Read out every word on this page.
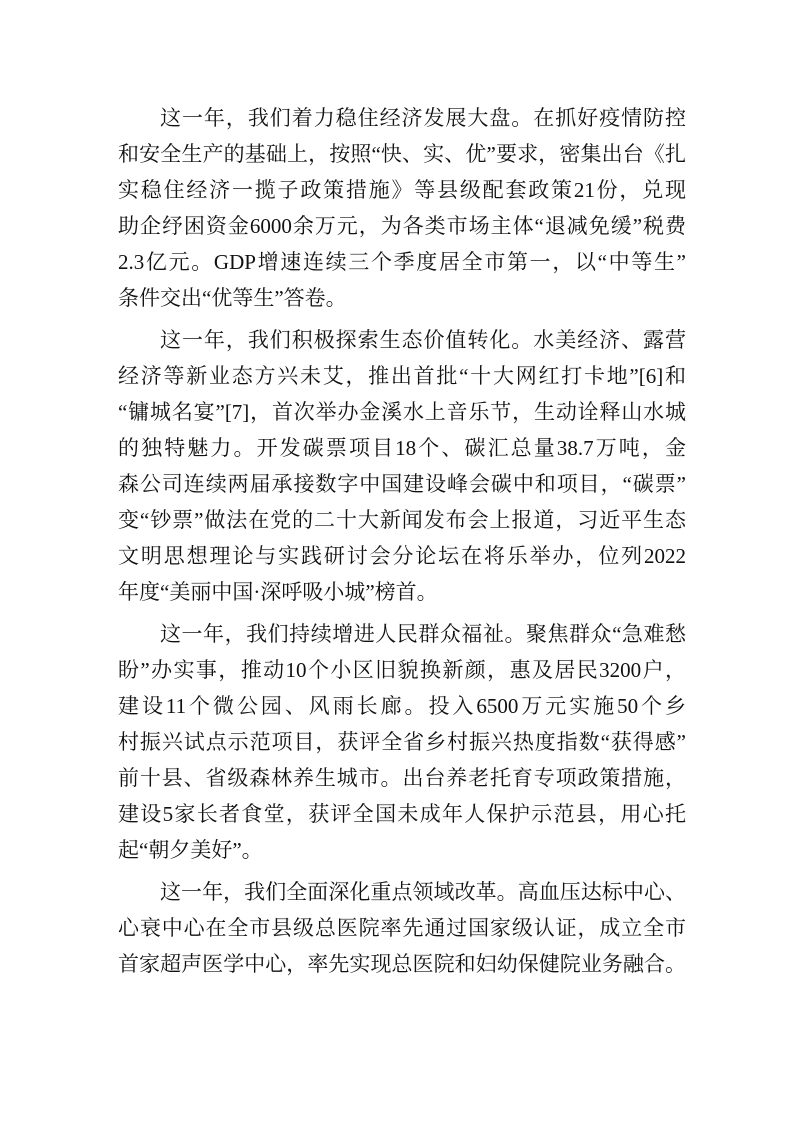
这一年，我们着力稳住经济发展大盘。在抓好疫情防控
和安全生产的基础上，按照“快、实、优”要求，密集出台《扎
实稳住经济一揽子政策措施》等县级配套政策21份，兑现
助企纾困资金6000余万元，为各类市场主体“退减免缓”税费
2.3亿元。GDP增速连续三个季度居全市第一，以“中等生”
条件交出“优等生”答卷。
这一年，我们积极探索生态价值转化。水美经济、露营
经济等新业态方兴未艾，推出首批“十大网红打卡地”[6]和
“镛城名宴”[7]，首次举办金溪水上音乐节，生动诠释山水城
的独特魅力。开发碳票项目18个、碳汇总量38.7万吨，金
森公司连续两届承接数字中国建设峰会碳中和项目，“碳票”
变“钞票”做法在党的二十大新闻发布会上报道，习近平生态
文明思想理论与实践研讨会分论坛在将乐举办，位列2022
年度“美丽中国·深呼吸小城”榜首。
这一年，我们持续增进人民群众福祉。聚焦群众“急难愁
盼”办实事，推动10个小区旧貌换新颜，惠及居民3200户，
建设11个微公园、风雨长廊。投入6500万元实施50个乡
村振兴试点示范项目，获评全省乡村振兴热度指数“获得感”
前十县、省级森林养生城市。出台养老托育专项政策措施，
建设5家长者食堂，获评全国未成年人保护示范县，用心托
起“朝夕美好”。
这一年，我们全面深化重点领域改革。高血压达标中心、
心衰中心在全市县级总医院率先通过国家级认证，成立全市
首家超声医学中心，率先实现总医院和妇幼保健院业务融合。
